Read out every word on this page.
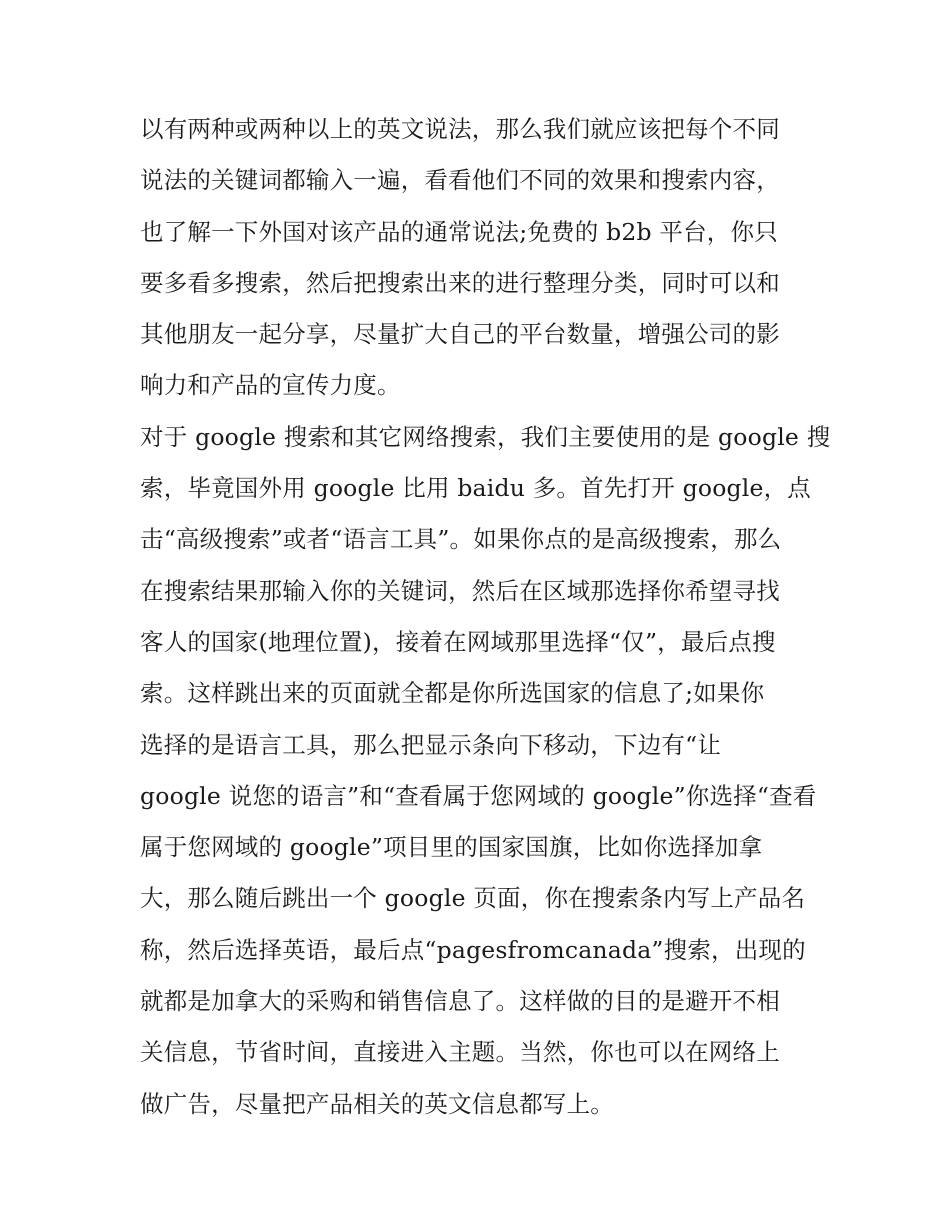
以有两种或两种以上的英文说法，那么我们就应该把每个不同
说法的关键词都输入一遍，看看他们不同的效果和搜索内容，
也了解一下外国对该产品的通常说法;免费的 b2b 平台，你只
要多看多搜索，然后把搜索出来的进行整理分类，同时可以和
其他朋友一起分享，尽量扩大自己的平台数量，增强公司的影
响力和产品的宣传力度。
对于 google 搜索和其它网络搜索，我们主要使用的是 google 搜
索，毕竟国外用 google 比用 baidu 多。首先打开 google，点
击“高级搜索”或者“语言工具”。如果你点的是高级搜索，那么
在搜索结果那输入你的关键词，然后在区域那选择你希望寻找
客人的国家(地理位置)，接着在网域那里选择“仅”，最后点搜
索。这样跳出来的页面就全都是你所选国家的信息了;如果你
选择的是语言工具，那么把显示条向下移动，下边有“让
google 说您的语言”和“查看属于您网域的 google”你选择“查看
属于您网域的 google”项目里的国家国旗，比如你选择加拿
大，那么随后跳出一个 google 页面，你在搜索条内写上产品名
称，然后选择英语，最后点“pagesfromcanada”搜索，出现的
就都是加拿大的采购和销售信息了。这样做的目的是避开不相
关信息，节省时间，直接进入主题。当然，你也可以在网络上
做广告，尽量把产品相关的英文信息都写上。
